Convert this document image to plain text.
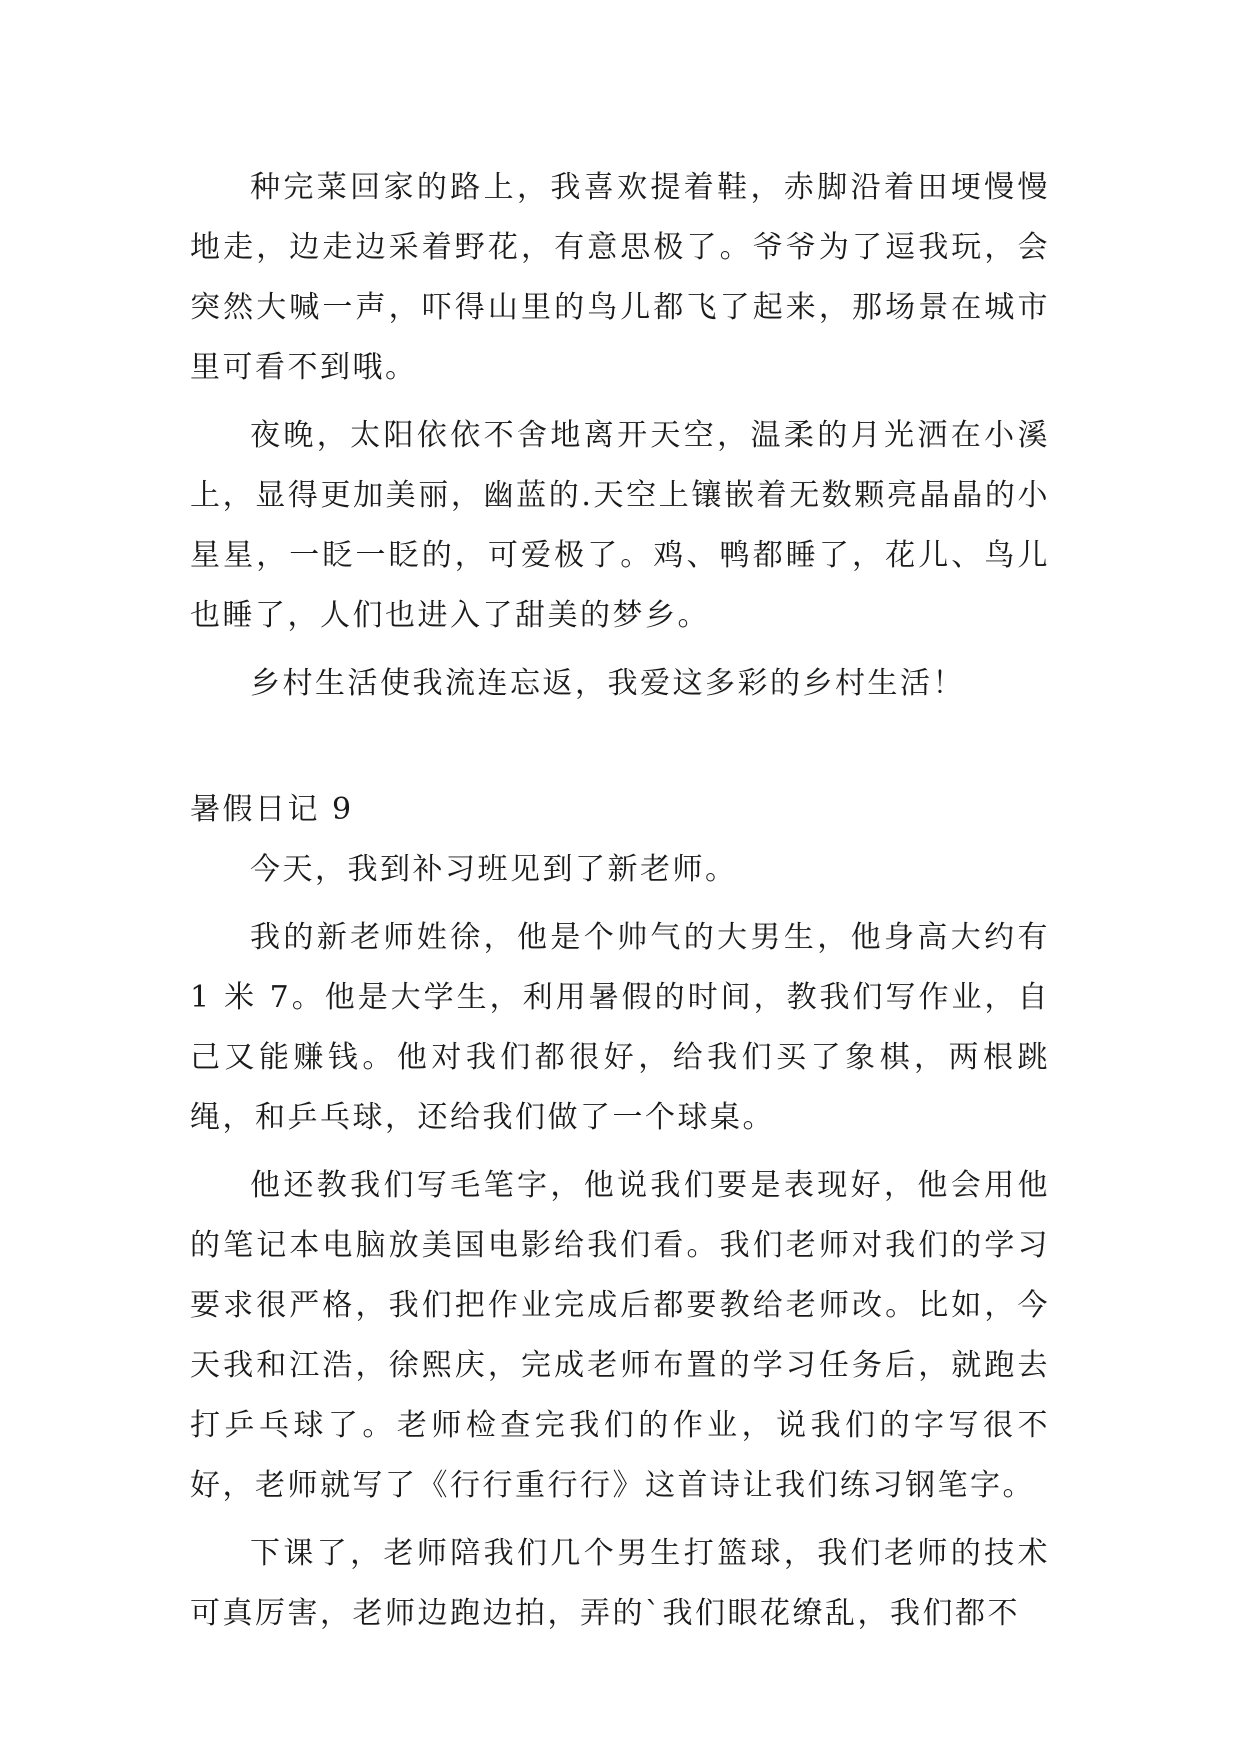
种完菜回家的路上，我喜欢提着鞋，赤脚沿着田埂慢慢地走，边走边采着野花，有意思极了。爷爷为了逗我玩，会突然大喊一声，吓得山里的鸟儿都飞了起来，那场景在城市里可看不到哦。

夜晚，太阳依依不舍地离开天空，温柔的月光洒在小溪上，显得更加美丽，幽蓝的.天空上镶嵌着无数颗亮晶晶的小星星，一眨一眨的，可爱极了。鸡、鸭都睡了，花儿、鸟儿也睡了，人们也进入了甜美的梦乡。

乡村生活使我流连忘返，我爱这多彩的乡村生活！

暑假日记 9

今天，我到补习班见到了新老师。

我的新老师姓徐，他是个帅气的大男生，他身高大约有 1 米 7。他是大学生，利用暑假的时间，教我们写作业，自己又能赚钱。他对我们都很好，给我们买了象棋，两根跳绳，和乒乓球，还给我们做了一个球桌。

他还教我们写毛笔字，他说我们要是表现好，他会用他的笔记本电脑放美国电影给我们看。我们老师对我们的学习要求很严格，我们把作业完成后都要教给老师改。比如，今天我和江浩，徐熙庆，完成老师布置的学习任务后，就跑去打乒乓球了。老师检查完我们的作业，说我们的字写很不好，老师就写了《行行重行行》这首诗让我们练习钢笔字。

下课了，老师陪我们几个男生打篮球，我们老师的技术可真厉害，老师边跑边拍，弄的`我们眼花缭乱，我们都不
